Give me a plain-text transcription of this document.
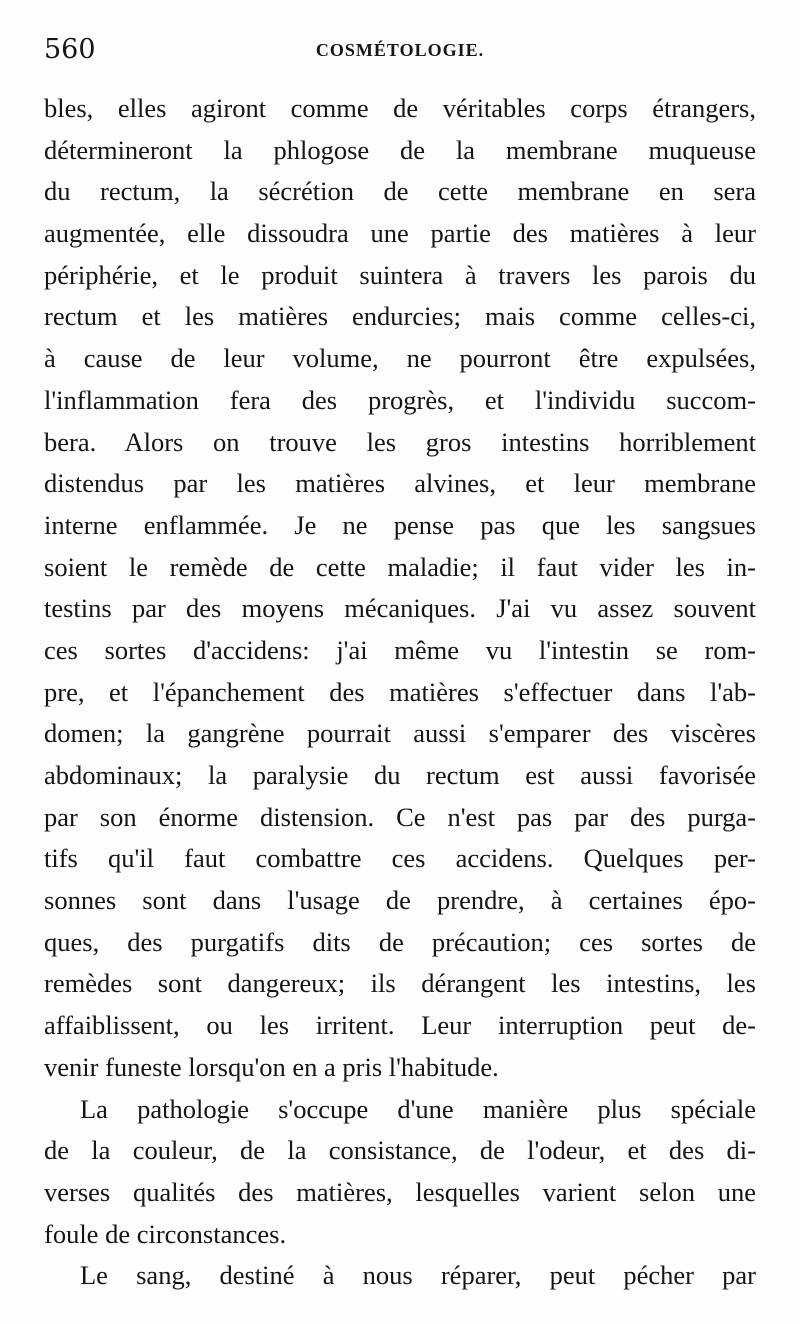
560	COSMÉTOLOGIE.
bles, elles agiront comme de véritables corps étrangers,
détermineront la phlogose de la membrane muqueuse
du rectum, la sécrétion de cette membrane en sera
augmentée, elle dissoudra une partie des matières à leur
périphérie, et le produit suintera à travers les parois du
rectum et les matières endurcies; mais comme celles-ci,
à cause de leur volume, ne pourront être expulsées,
l'inflammation fera des progrès, et l'individu succom-
bera. Alors on trouve les gros intestins horriblement
distendus par les matières alvines, et leur membrane
interne enflammée. Je ne pense pas que les sangsues
soient le remède de cette maladie; il faut vider les in-
testins par des moyens mécaniques. J'ai vu assez souvent
ces sortes d'accidens: j'ai même vu l'intestin se rom-
pre, et l'épanchement des matières s'effectuer dans l'ab-
domen; la gangrène pourrait aussi s'emparer des viscères
abdominaux; la paralysie du rectum est aussi favorisée
par son énorme distension. Ce n'est pas par des purga-
tifs qu'il faut combattre ces accidens. Quelques per-
sonnes sont dans l'usage de prendre, à certaines épo-
ques, des purgatifs dits de précaution; ces sortes de
remèdes sont dangereux; ils dérangent les intestins, les
affaiblissent, ou les irritent. Leur interruption peut de-
venir funeste lorsqu'on en a pris l'habitude.
La pathologie s'occupe d'une manière plus spéciale
de la couleur, de la consistance, de l'odeur, et des di-
verses qualités des matières, lesquelles varient selon une
foule de circonstances.
Le sang, destiné à nous réparer, peut pécher par
